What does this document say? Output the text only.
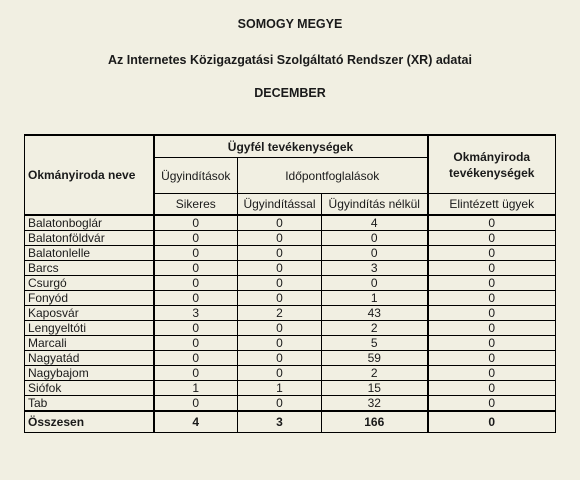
SOMOGY MEGYE
Az Internetes Közigazgatási Szolgáltató Rendszer (XR) adatai
DECEMBER
Okmányiroda neve	Ügyfél tevékenységek			Okmányiroda tevékenységek
	Ügyindítások	Időpontfoglalások		
	Sikeres	Ügyindítással	Ügyindítás nélkül	Elintézett ügyek
Balatonboglár	0	0	4	0
Balatonföldvár	0	0	0	0
Balatonlelle	0	0	0	0
Barcs	0	0	3	0
Csurgó	0	0	0	0
Fonyód	0	0	1	0
Kaposvár	3	2	43	0
Lengyeltóti	0	0	2	0
Marcali	0	0	5	0
Nagyatád	0	0	59	0
Nagybajom	0	0	2	0
Siófok	1	1	15	0
Tab	0	0	32	0
Összesen	4	3	166	0
